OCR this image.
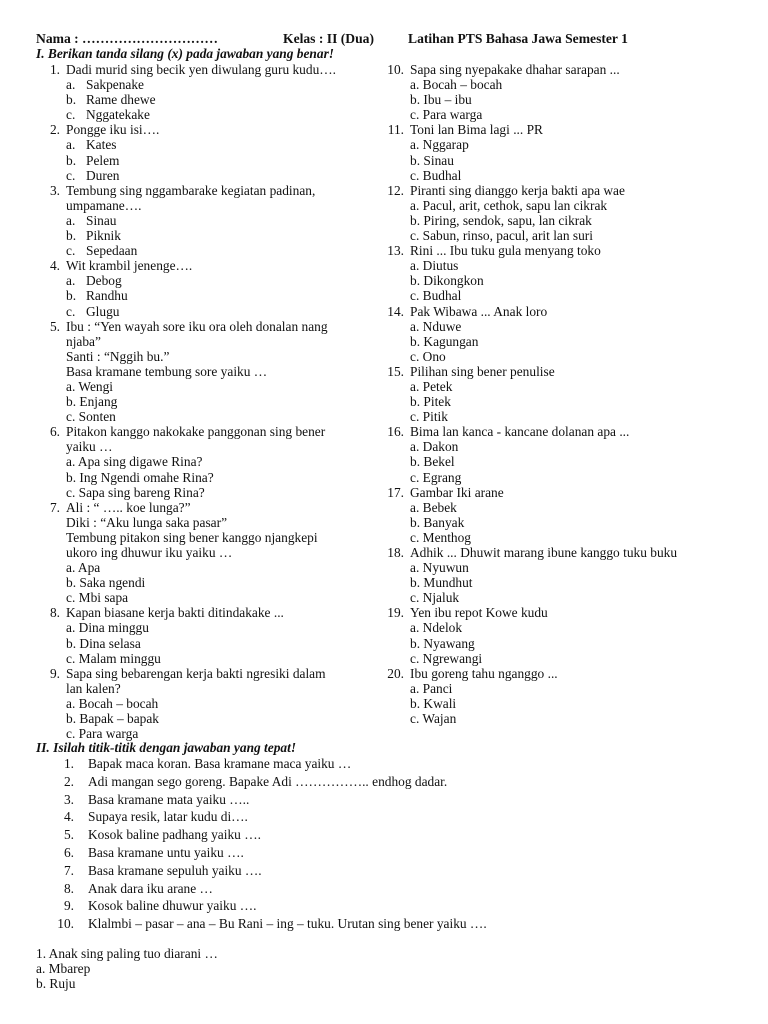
Nama : …………………………	Kelas : II (Dua) Latihan PTS Bahasa Jawa Semester 1
I. Berikan tanda silang (x) pada jawaban yang benar!
1. Dadi murid sing becik yen diwulang guru kudu….
a. Sakpenake
b. Rame dhewe
c. Nggatekake
2. Pongge iku isi….
a. Kates
b. Pelem
c. Duren
3. Tembung sing nggambarake kegiatan padinan,
umpamane….
a. Sinau
b. Piknik
c. Sepedaan
4. Wit krambil jenenge….
a. Debog
b. Randhu
c. Glugu
5. Ibu : “Yen wayah sore iku ora oleh donalan nang
njaba”
Santi : “Nggih bu.”
Basa kramane tembung sore yaiku …
a. Wengi
b. Enjang
c. Sonten
6. Pitakon kanggo nakokake panggonan sing bener
yaiku …
a. Apa sing digawe Rina?
b. Ing Ngendi omahe Rina?
c. Sapa sing bareng Rina?
7. Ali : “ ….. koe lunga?”
Diki : “Aku lunga saka pasar”
Tembung pitakon sing bener kanggo njangkepi
ukoro ing dhuwur iku yaiku …
a. Apa
b. Saka ngendi
c. Mbi sapa
8. Kapan biasane kerja bakti ditindakake ...
a. Dina minggu
b. Dina selasa
c. Malam minggu
9. Sapa sing bebarengan kerja bakti ngresiki dalam
lan kalen?
a. Bocah – bocah
b. Bapak – bapak
c. Para warga
10. Sapa sing nyepakake dhahar sarapan ...
a. Bocah – bocah
b. Ibu – ibu
c. Para warga
11. Toni lan Bima lagi ... PR
a. Nggarap
b. Sinau
c. Budhal
12. Piranti sing dianggo kerja bakti apa wae
a. Pacul, arit, cethok, sapu lan cikrak
b. Piring, sendok, sapu, lan cikrak
c. Sabun, rinso, pacul, arit lan suri
13. Rini ... Ibu tuku gula menyang toko
a. Diutus
b. Dikongkon
c. Budhal
14. Pak Wibawa ... Anak loro
a. Nduwe
b. Kagungan
c. Ono
15. Pilihan sing bener penulise
a. Petek
b. Pitek
c. Pitik
16. Bima lan kanca - kancane dolanan apa ...
a. Dakon
b. Bekel
c. Egrang
17. Gambar Iki arane
a. Bebek
b. Banyak
c. Menthog
18. Adhik ... Dhuwit marang ibune kanggo tuku buku
a. Nyuwun
b. Mundhut
c. Njaluk
19. Yen ibu repot Kowe kudu
a. Ndelok
b. Nyawang
c. Ngrewangi
20. Ibu goreng tahu nganggo ...
a. Panci
b. Kwali
c. Wajan
II. Isilah titik-titik dengan jawaban yang tepat!
1.	Bapak maca koran. Basa kramane maca yaiku …
2.	Adi mangan sego goreng. Bapake Adi …………….. endhog dadar.
3.	Basa kramane mata yaiku …..
4.	Supaya resik, latar kudu di….
5.	Kosok baline padhang yaiku ….
6.	Basa kramane untu yaiku ….
7.	Basa kramane sepuluh yaiku ….
8.	Anak dara iku arane …
9.	Kosok baline dhuwur yaiku ….
10.	Klalmbi – pasar – ana – Bu Rani – ing – tuku. Urutan sing bener yaiku ….
1. Anak sing paling tuo diarani …
a. Mbarep
b. Ruju
